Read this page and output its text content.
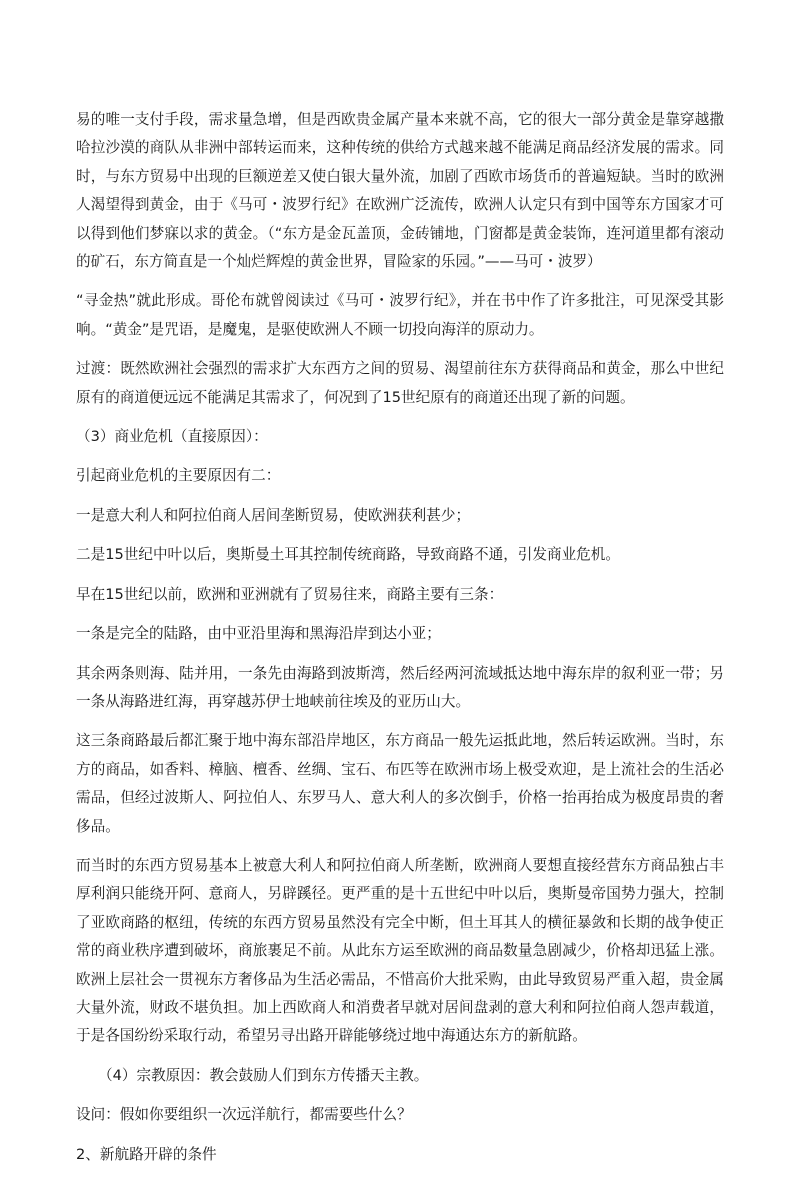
易的唯一支付手段，需求量急增，但是西欧贵金属产量本来就不高，它的很大一部分黄金是靠穿越撒哈拉沙漠的商队从非洲中部转运而来，这种传统的供给方式越来越不能满足商品经济发展的需求。同时，与东方贸易中出现的巨额逆差又使白银大量外流，加剧了西欧市场货币的普遍短缺。当时的欧洲人渴望得到黄金，由于《马可・波罗行纪》在欧洲广泛流传，欧洲人认定只有到中国等东方国家才可以得到他们梦寐以求的黄金。（“东方是金瓦盖顶，金砖铺地，门窗都是黄金装饰，连河道里都有滚动的矿石，东方简直是一个灿烂辉煌的黄金世界，冒险家的乐园。”——马可・波罗）

“寻金热”就此形成。哥伦布就曾阅读过《马可・波罗行纪》，并在书中作了许多批注，可见深受其影响。“黄金”是咒语，是魔鬼，是驱使欧洲人不顾一切投向海洋的原动力。

过渡：既然欧洲社会强烈的需求扩大东西方之间的贸易、渴望前往东方获得商品和黄金，那么中世纪原有的商道便远远不能满足其需求了，何况到了15世纪原有的商道还出现了新的问题。

（3）商业危机（直接原因）：

引起商业危机的主要原因有二：

一是意大利人和阿拉伯商人居间垄断贸易，使欧洲获利甚少；

二是15世纪中叶以后，奥斯曼土耳其控制传统商路，导致商路不通，引发商业危机。

早在15世纪以前，欧洲和亚洲就有了贸易往来，商路主要有三条：

一条是完全的陆路，由中亚沿里海和黑海沿岸到达小亚；

其余两条则海、陆并用，一条先由海路到波斯湾，然后经两河流域抵达地中海东岸的叙利亚一带；另一条从海路进红海，再穿越苏伊士地峡前往埃及的亚历山大。

这三条商路最后都汇聚于地中海东部沿岸地区，东方商品一般先运抵此地，然后转运欧洲。当时，东方的商品，如香料、樟脑、檀香、丝绸、宝石、布匹等在欧洲市场上极受欢迎，是上流社会的生活必需品，但经过波斯人、阿拉伯人、东罗马人、意大利人的多次倒手，价格一抬再抬成为极度昂贵的奢侈品。

而当时的东西方贸易基本上被意大利人和阿拉伯商人所垄断，欧洲商人要想直接经营东方商品独占丰厚利润只能绕开阿、意商人，另辟蹊径。更严重的是十五世纪中叶以后，奥斯曼帝国势力强大，控制了亚欧商路的枢纽，传统的东西方贸易虽然没有完全中断，但土耳其人的横征暴敛和长期的战争使正常的商业秩序遭到破坏，商旅裹足不前。从此东方运至欧洲的商品数量急剧减少，价格却迅猛上涨。欧洲上层社会一贯视东方奢侈品为生活必需品，不惜高价大批采购，由此导致贸易严重入超，贵金属大量外流，财政不堪负担。加上西欧商人和消费者早就对居间盘剥的意大利和阿拉伯商人怨声载道，于是各国纷纷采取行动，希望另寻出路开辟能够绕过地中海通达东方的新航路。

（4）宗教原因：教会鼓励人们到东方传播天主教。

设问：假如你要组织一次远洋航行，都需要些什么？

2、新航路开辟的条件
